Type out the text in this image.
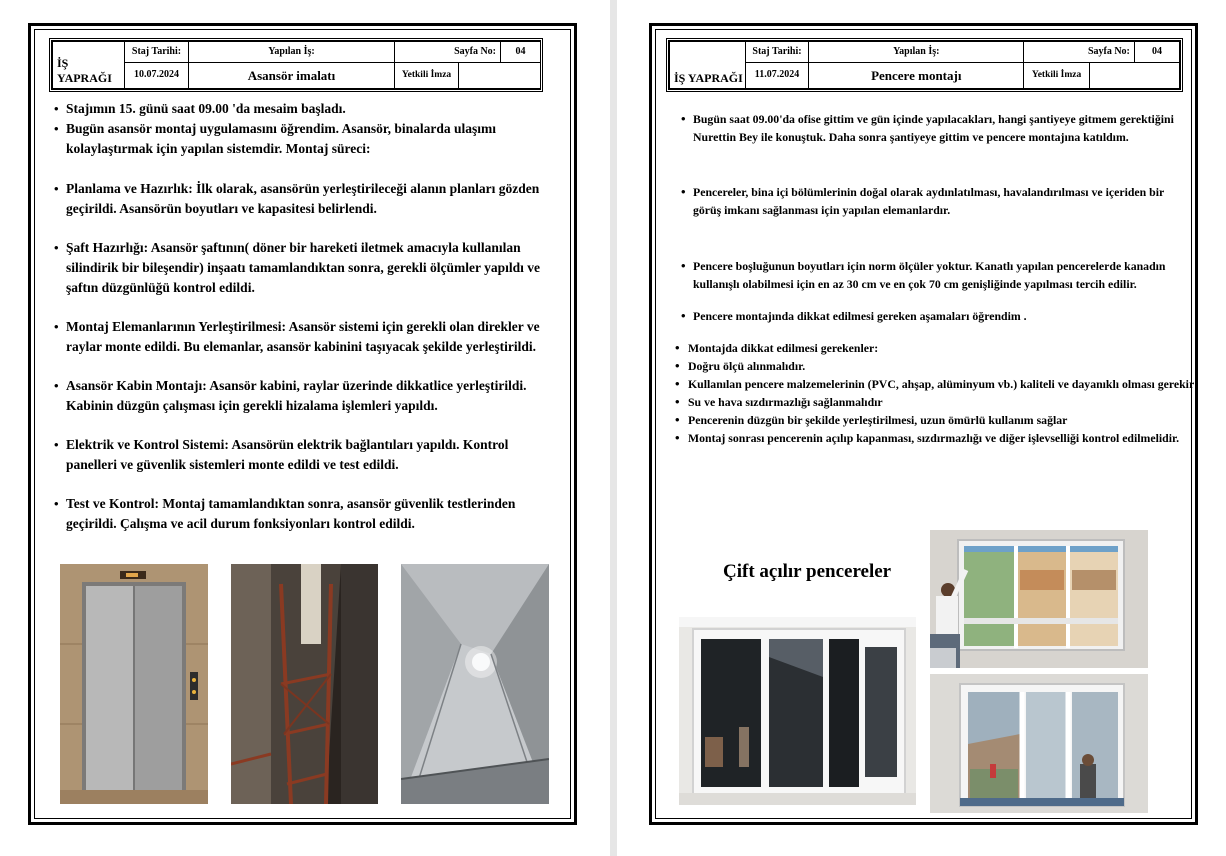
İŞ YAPRAĞI	Staj Tarihi:	Yapılan İş:	Sayfa No:		04
	10.07.2024	Asansör imalatı	Yetkili İmza		
• Stajımın 15. günü saat 09.00 'da mesaim başladı.
• Bugün asansör montaj uygulamasını öğrendim. Asansör, binalarda ulaşımı kolaylaştırmak için yapılan sistemdir. Montaj süreci:
• Planlama ve Hazırlık: İlk olarak, asansörün yerleştirileceği alanın planları gözden geçirildi. Asansörün boyutları ve kapasitesi belirlendi.
• Şaft Hazırlığı: Asansör şaftının( döner bir hareketi iletmek amacıyla kullanılan silindirik bir bileşendir) inşaatı tamamlandıktan sonra, gerekli ölçümler yapıldı ve şaftın düzgünlüğü kontrol edildi.
• Montaj Elemanlarının Yerleştirilmesi: Asansör sistemi için gerekli olan direkler ve raylar monte edildi. Bu elemanlar, asansör kabinini taşıyacak şekilde yerleştirildi.
• Asansör Kabin Montajı: Asansör kabini, raylar üzerinde dikkatlice yerleştirildi. Kabinin düzgün çalışması için gerekli hizalama işlemleri yapıldı.
• Elektrik ve Kontrol Sistemi: Asansörün elektrik bağlantıları yapıldı. Kontrol panelleri ve güvenlik sistemleri monte edildi ve test edildi.
• Test ve Kontrol: Montaj tamamlandıktan sonra, asansör güvenlik testlerinden geçirildi. Çalışma ve acil durum fonksiyonları kontrol edildi.
İŞ YAPRAĞI	Staj Tarihi:	Yapılan İş:	Sayfa No:		04
	11.07.2024	Pencere montajı	Yetkili İmza		
• Bugün saat 09.00'da ofise gittim ve gün içinde yapılacakları, hangi şantiyeye gitmem gerektiğini Nurettin Bey ile konuştuk. Daha sonra şantiyeye gittim ve pencere montajına katıldım.
• Pencereler, bina içi bölümlerinin doğal olarak aydınlatılması, havalandırılması ve içeriden bir görüş imkanı sağlanması için yapılan elemanlardır.
• Pencere boşluğunun boyutları için norm ölçüler yoktur. Kanatlı yapılan pencerelerde kanadın kullanışlı olabilmesi için en az 30 cm ve en çok 70 cm genişliğinde yapılması tercih edilir.
• Pencere montajında dikkat edilmesi gereken aşamaları öğrendim .
• Montajda dikkat edilmesi gerekenler:
• Doğru ölçü alınmalıdır.
• Kullanılan pencere malzemelerinin (PVC, ahşap, alüminyum vb.) kaliteli ve dayanıklı olması gerekir
• Su ve hava sızdırmazlığı sağlanmalıdır
• Pencerenin düzgün bir şekilde yerleştirilmesi, uzun ömürlü kullanım sağlar
• Montaj sonrası pencerenin açılıp kapanması, sızdırmazlığı ve diğer işlevselliği kontrol edilmelidir.
Çift açılır pencereler
